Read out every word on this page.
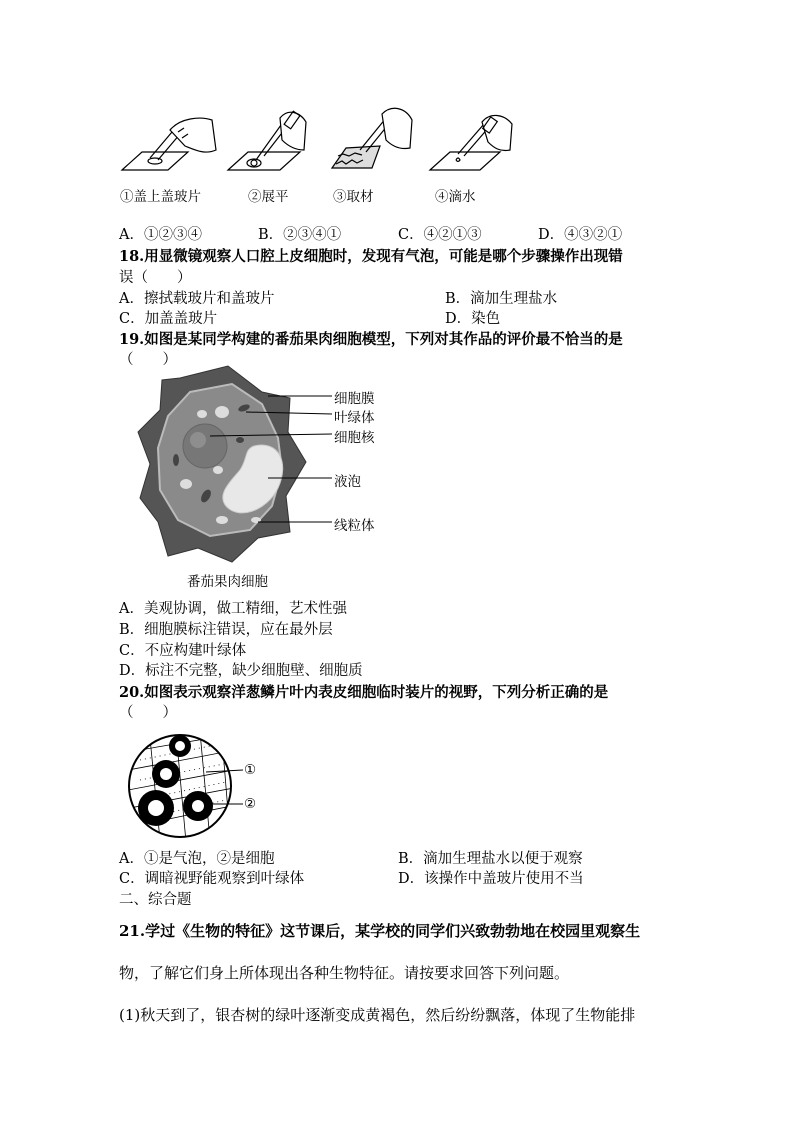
①盖上盖玻片	②展平	③取材	④滴水
A．①②③④	B．②③④①	C．④②①③	D．④③②①
18.用显微镜观察人口腔上皮细胞时，发现有气泡，可能是哪个步骤操作出现错
误（　　）
A．擦拭载玻片和盖玻片	B．滴加生理盐水
C．加盖盖玻片	D．染色
19.如图是某同学构建的番茄果肉细胞模型，下列对其作品的评价最不恰当的是
（　　）
细胞膜
叶绿体
细胞核
液泡
线粒体
番茄果肉细胞
A．美观协调，做工精细，艺术性强
B．细胞膜标注错误，应在最外层
C．不应构建叶绿体
D．标注不完整，缺少细胞壁、细胞质
20.如图表示观察洋葱鳞片叶内表皮细胞临时装片的视野，下列分析正确的是
（　　）
①
②
A．①是气泡，②是细胞	B．滴加生理盐水以便于观察
C．调暗视野能观察到叶绿体	D．该操作中盖玻片使用不当
二、综合题
21.学过《生物的特征》这节课后，某学校的同学们兴致勃勃地在校园里观察生
物，了解它们身上所体现出各种生物特征。请按要求回答下列问题。
(1)秋天到了，银杏树的绿叶逐渐变成黄褐色，然后纷纷飘落，体现了生物能排
